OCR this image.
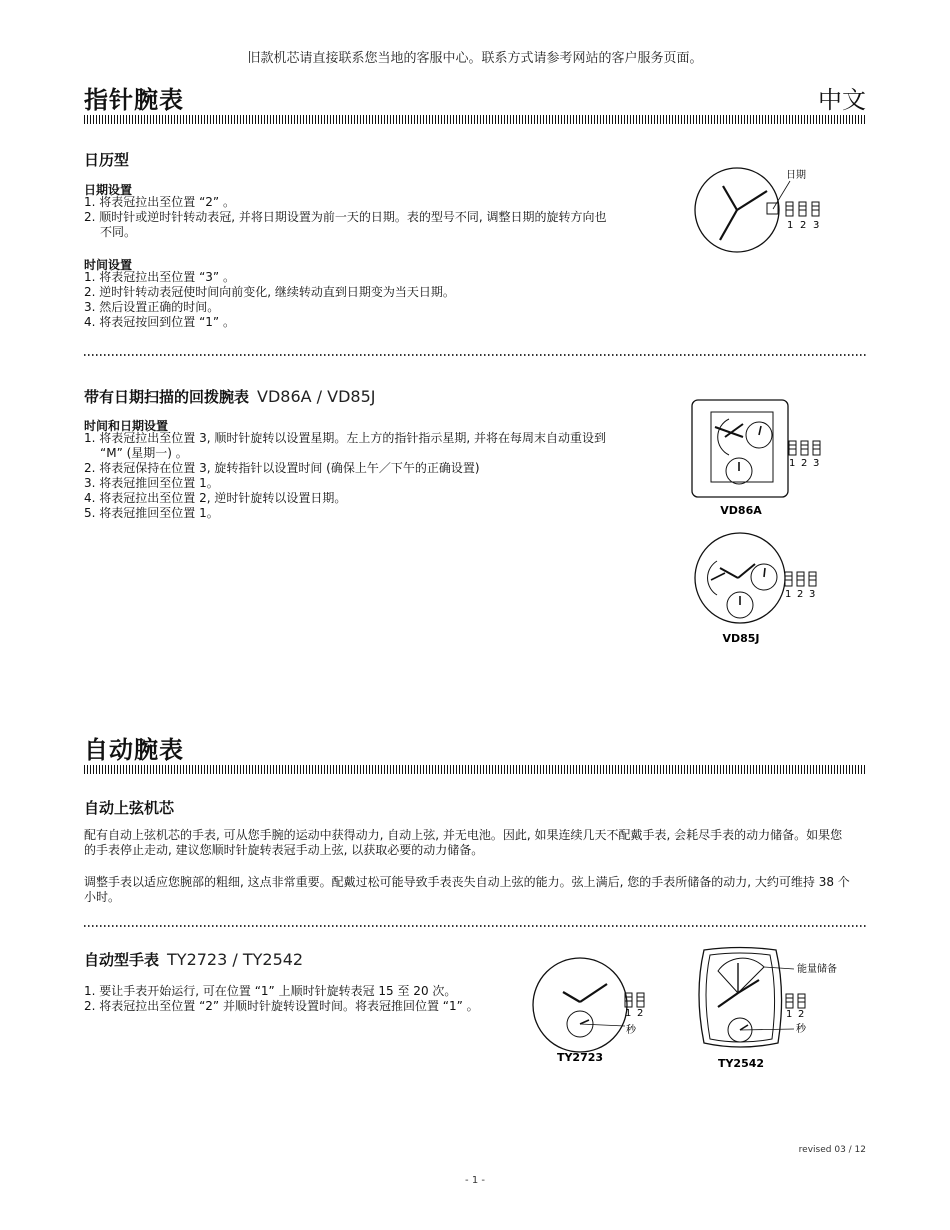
旧款机芯请直接联系您当地的客服中心。联系方式请参考网站的客户服务页面。
指针腕表	中文
日历型
日期设置
1. 将表冠拉出至位置 “2” 。
2. 顺时针或逆时针转动表冠, 并将日期设置为前一天的日期。表的型号不同, 调整日期的旋转方向也不同。
时间设置
1. 将表冠拉出至位置 “3” 。
2. 逆时针转动表冠使时间向前变化, 继续转动直到日期变为当天日期。
3. 然后设置正确的时间。
4. 将表冠按回到位置 “1” 。
日期
1 2 3
带有日期扫描的回拨腕表 VD86A / VD85J
时间和日期设置
1. 将表冠拉出至位置 3, 顺时针旋转以设置星期。左上方的指针指示星期, 并将在每周末自动重设到 “M” (星期一) 。
2. 将表冠保持在位置 3, 旋转指针以设置时间 (确保上午／下午的正确设置)
3. 将表冠推回至位置 1。
4. 将表冠拉出至位置 2, 逆时针旋转以设置日期。
5. 将表冠推回至位置 1。
1 2 3
VD86A
1 2 3
VD85J
自动腕表
自动上弦机芯
配有自动上弦机芯的手表, 可从您手腕的运动中获得动力, 自动上弦, 并无电池。因此, 如果连续几天不配戴手表, 会耗尽手表的动力储备。如果您的手表停止走动, 建议您顺时针旋转表冠手动上弦, 以获取必要的动力储备。
调整手表以适应您腕部的粗细, 这点非常重要。配戴过松可能导致手表丧失自动上弦的能力。弦上满后, 您的手表所储备的动力, 大约可维持 38 个小时。
自动型手表 TY2723 / TY2542
1. 要让手表开始运行, 可在位置 “1” 上顺时针旋转表冠 15 至 20 次。
2. 将表冠拉出至位置 “2” 并顺时针旋转设置时间。将表冠推回位置 “1” 。
秒
1 2
TY2723
秒
能量储备
1 2
TY2542
revised 03 / 12
- 1 -
